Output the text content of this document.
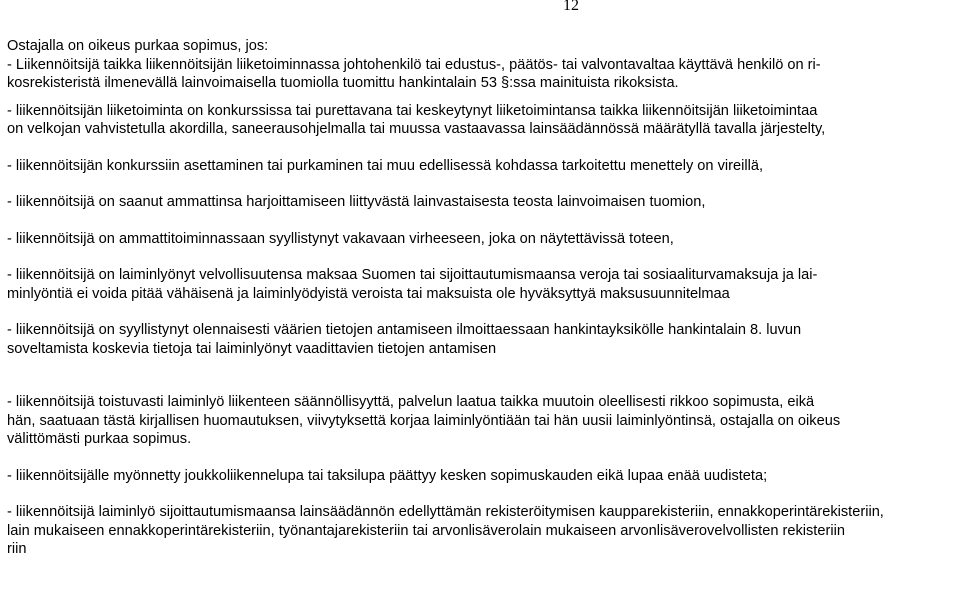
12

Ostajalla on oikeus purkaa sopimus, jos:

- Liikennöitsijä taikka liikennöitsijän liiketoiminnassa johtohenkilö tai edustus-, päätös- tai valvontavaltaa käyttävä henkilö on ri-
kosrekisteristä ilmenevällä lainvoimaisella tuomiolla tuomittu hankintalain 53 §:ssa mainituista rikoksista.

- liikennöitsijän liiketoiminta on konkurssissa tai purettavana tai keskeytynyt liiketoimintansa taikka liikennöitsijän liiketoimintaa
on velkojan vahvistetulla akordilla, saneerausohjelmalla tai muussa vastaavassa lainsäädännössä määrätyllä tavalla järjestelty,

- liikennöitsijän konkurssiin asettaminen tai purkaminen tai muu edellisessä kohdassa tarkoitettu menettely on vireillä,

- liikennöitsijä on saanut ammattinsa harjoittamiseen liittyvästä lainvastaisesta teosta lainvoimaisen tuomion,

- liikennöitsijä on ammattitoiminnassaan syyllistynyt vakavaan virheeseen, joka on näytettävissä toteen,

- liikennöitsijä on laiminlyönyt velvollisuutensa maksaa Suomen tai sijoittautumismaansa veroja tai sosiaaliturvamaksuja ja lai-
minlyöntiä ei voida pitää vähäisenä ja laiminlyödyistä veroista tai maksuista ole hyväksyttyä maksusuunnitelmaa

- liikennöitsijä on syyllistynyt olennaisesti väärien tietojen antamiseen ilmoittaessaan hankintayksikölle hankintalain 8. luvun
soveltamista koskevia tietoja tai laiminlyönyt vaadittavien tietojen antamisen

- liikennöitsijä toistuvasti laiminlyö liikenteen säännöllisyyttä, palvelun laatua taikka muutoin oleellisesti rikkoo sopimusta, eikä
hän, saatuaan tästä kirjallisen huomautuksen, viivytyksettä korjaa laiminlyöntiään tai hän uusii laiminlyöntinsä, ostajalla on oikeus
välittömästi purkaa sopimus.

- liikennöitsijälle myönnetty joukkoliikennelupa tai taksilupa päättyy kesken sopimuskauden eikä lupaa enää uudisteta;

- liikennöitsijä laiminlyö sijoittautumismaansa lainsäädännön edellyttämän rekisteröitymisen kaupparekisteriin, ennakkoperintärekisteriin,
lain mukaiseen ennakkoperintärekisteriin, työnantajarekisteriin tai arvonlisäverolain mukaiseen arvonlisäverovelvollisten rekisteriin
riin
